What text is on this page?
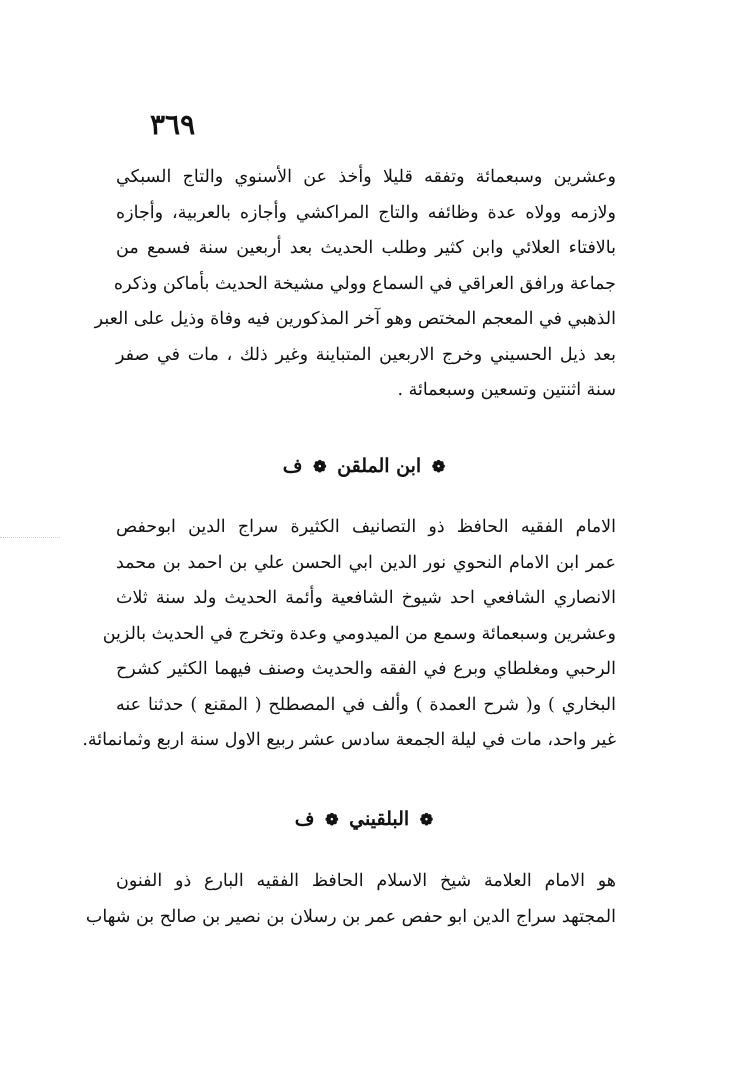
٣٦٩
وعشرين وسبعمائة وتفقه قليلا وأخذ عن الأسنوي والتاج السبكي
ولازمه وولاه عدة وظائفه والتاج المراكشي وأجازه بالعربية، وأجازه
بالافتاء العلائي وابن كثير وطلب الحديث بعد أربعين سنة فسمع من
جماعة ورافق العراقي في السماع وولي مشيخة الحديث بأماكن وذكره
الذهبي في المعجم المختص وهو آخر المذكورين فيه وفاة وذيل على العبر
بعد ذيل الحسيني وخرج الاربعين المتباينة وغير ذلك ، مات في صفر
سنة اثنتين وتسعين وسبعمائة .
❁ ابن الملقن ❁ ف
الامام الفقيه الحافظ ذو التصانيف الكثيرة سراج الدين ابوحفص
عمر ابن الامام النحوي نور الدين ابي الحسن علي بن احمد بن محمد
الانصاري الشافعي احد شيوخ الشافعية وأئمة الحديث ولد سنة ثلاث
وعشرين وسبعمائة وسمع من الميدومي وعدة وتخرج في الحديث بالزين
الرحبي ومغلطاي وبرع في الفقه والحديث وصنف فيهما الكثير كشرح
البخاري ) و( شرح العمدة ) وألف في المصطلح ( المقنع ) حدثنا عنه
غير واحد، مات في ليلة الجمعة سادس عشر ربيع الاول سنة اربع وثمانمائة.
❁ البلقيني ❁ ف
هو الامام العلامة شيخ الاسلام الحافظ الفقيه البارع ذو الفنون
المجتهد سراج الدين ابو حفص عمر بن رسلان بن نصير بن صالح بن شهاب
